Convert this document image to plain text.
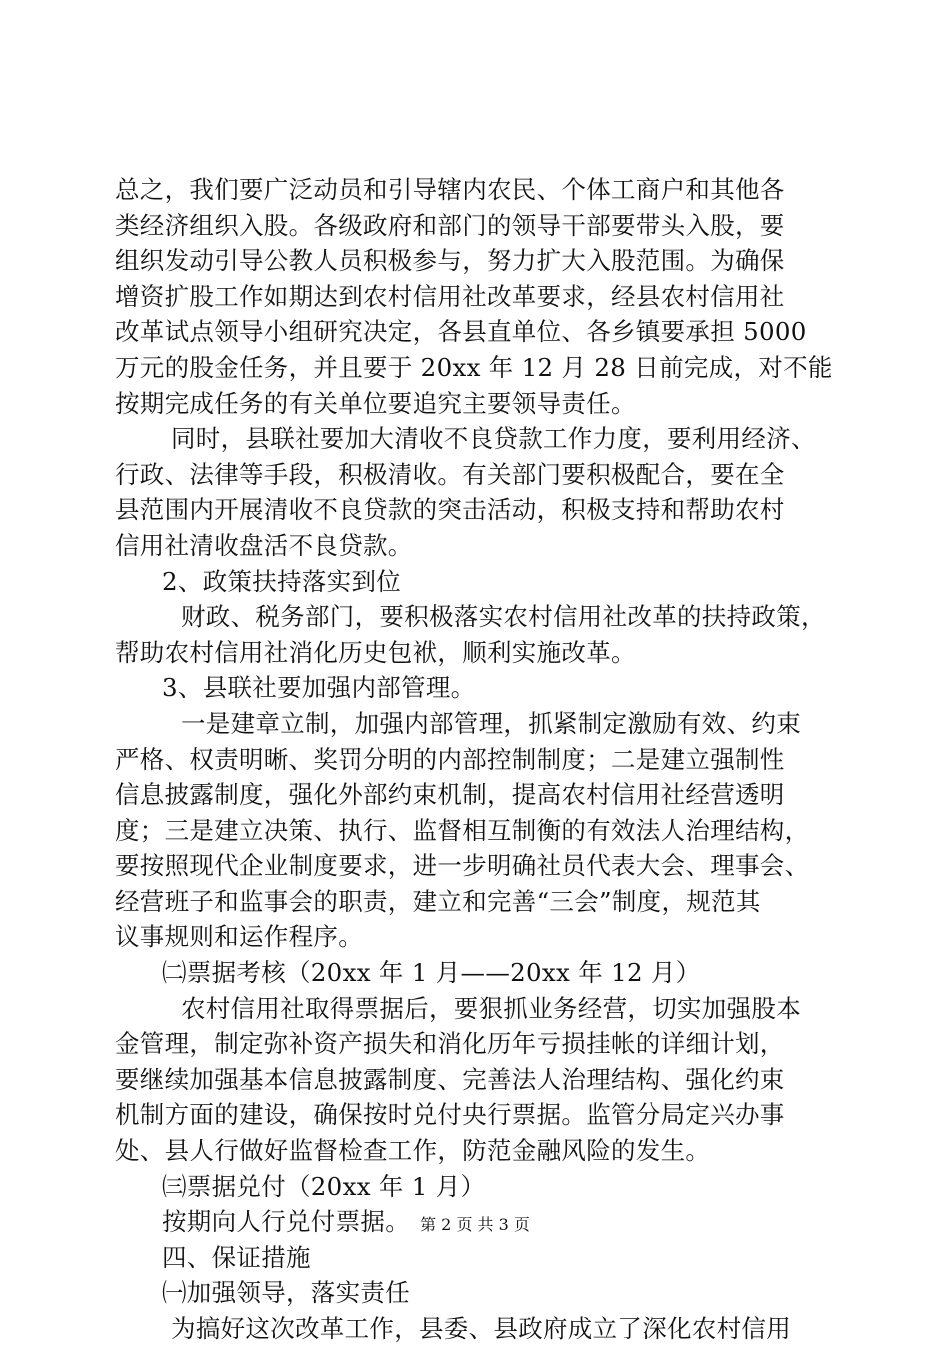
总之，我们要广泛动员和引导辖内农民、个体工商户和其他各
类经济组织入股。各级政府和部门的领导干部要带头入股，要
组织发动引导公教人员积极参与，努力扩大入股范围。为确保
增资扩股工作如期达到农村信用社改革要求，经县农村信用社
改革试点领导小组研究决定，各县直单位、各乡镇要承担 5000
万元的股金任务，并且要于 20xx 年 12 月 28 日前完成，对不能
按期完成任务的有关单位要追究主要领导责任。
同时，县联社要加大清收不良贷款工作力度，要利用经济、
行政、法律等手段，积极清收。有关部门要积极配合，要在全
县范围内开展清收不良贷款的突击活动，积极支持和帮助农村
信用社清收盘活不良贷款。
2、政策扶持落实到位
财政、税务部门，要积极落实农村信用社改革的扶持政策，
帮助农村信用社消化历史包袱，顺利实施改革。
3、县联社要加强内部管理。
一是建章立制，加强内部管理，抓紧制定激励有效、约束
严格、权责明晰、奖罚分明的内部控制制度；二是建立强制性
信息披露制度，强化外部约束机制，提高农村信用社经营透明
度；三是建立决策、执行、监督相互制衡的有效法人治理结构，
要按照现代企业制度要求，进一步明确社员代表大会、理事会、
经营班子和监事会的职责，建立和完善“三会”制度，规范其
议事规则和运作程序。
㈡票据考核（20xx 年 1 月——20xx 年 12 月）
农村信用社取得票据后，要狠抓业务经营，切实加强股本
金管理，制定弥补资产损失和消化历年亏损挂帐的详细计划，
要继续加强基本信息披露制度、完善法人治理结构、强化约束
机制方面的建设，确保按时兑付央行票据。监管分局定兴办事
处、县人行做好监督检查工作，防范金融风险的发生。
㈢票据兑付（20xx 年 1 月）
按期向人行兑付票据。
四、保证措施
㈠加强领导，落实责任
为搞好这次改革工作，县委、县政府成立了深化农村信用
第 2 页 共 3 页
